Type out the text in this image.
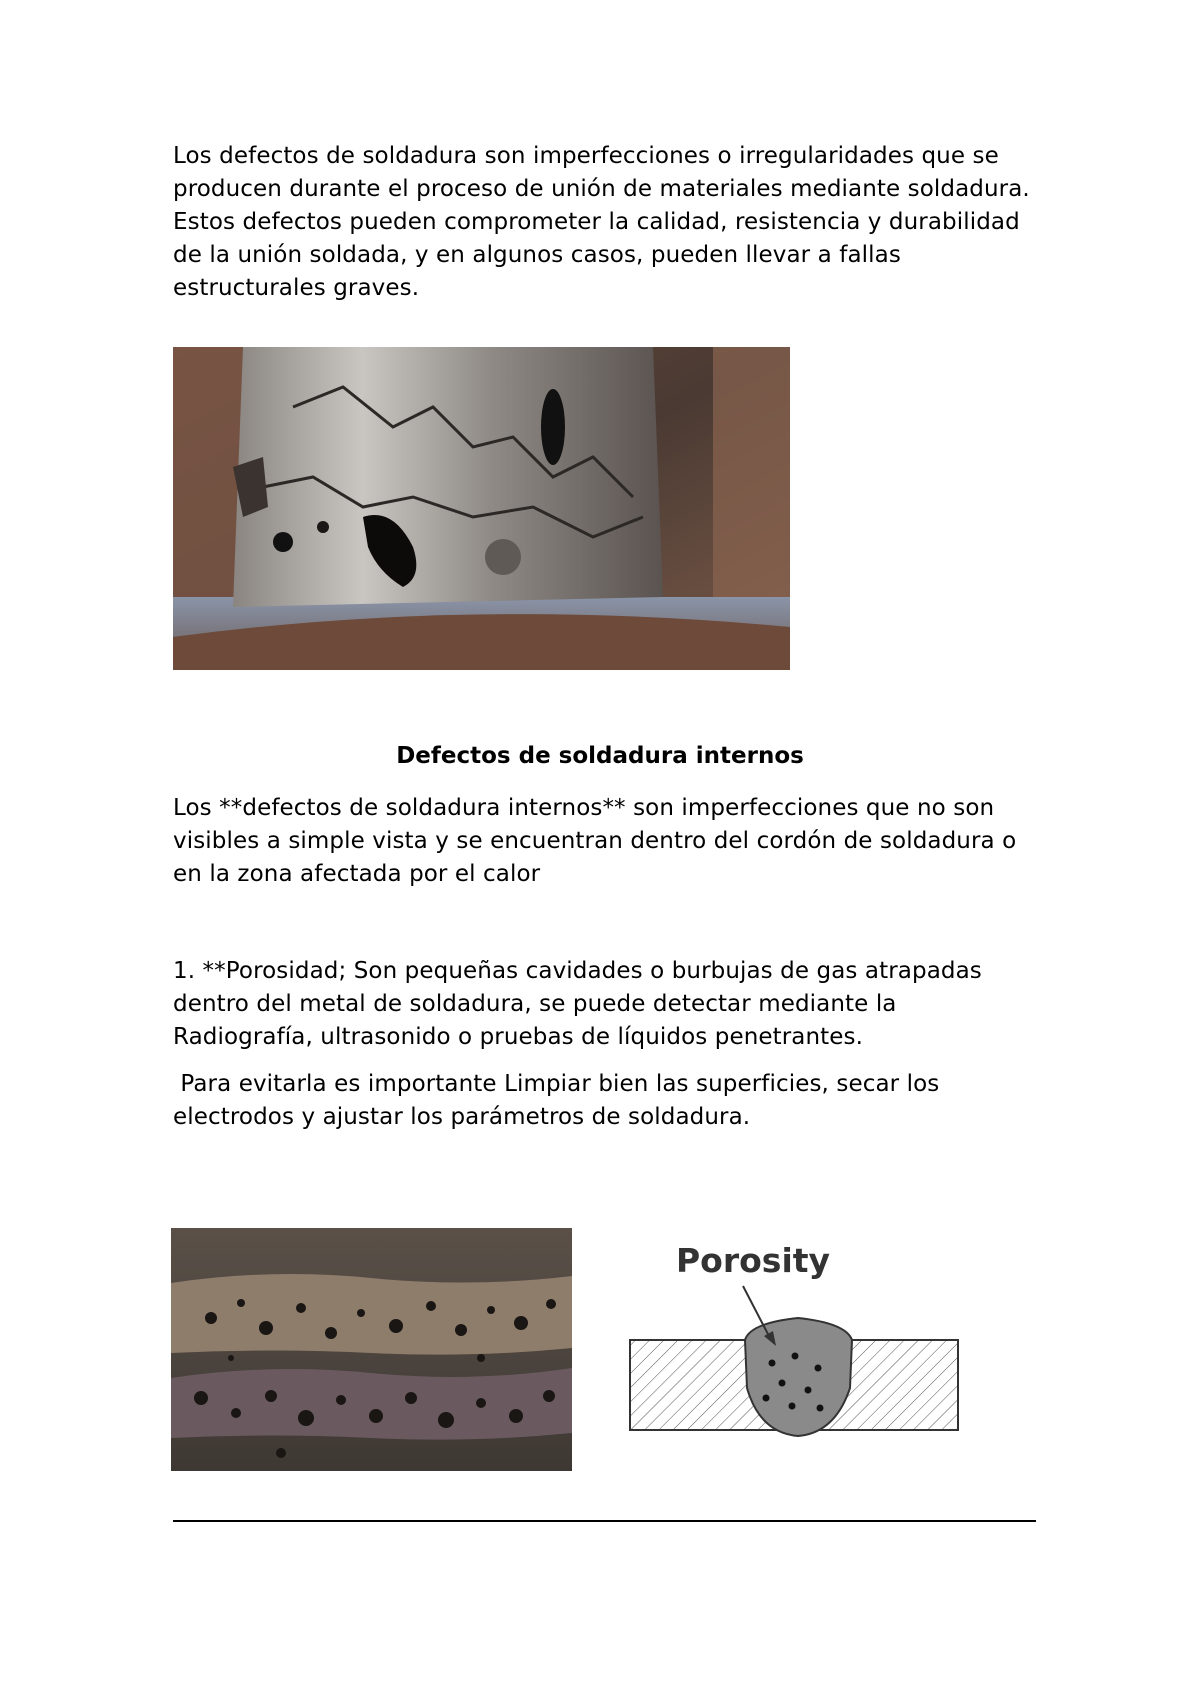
Los defectos de soldadura son imperfecciones o irregularidades que se producen durante el proceso de unión de materiales mediante soldadura. Estos defectos pueden comprometer la calidad, resistencia y durabilidad de la unión soldada, y en algunos casos, pueden llevar a fallas estructurales graves.

Defectos de soldadura internos

Los **defectos de soldadura internos** son imperfecciones que no son visibles a simple vista y se encuentran dentro del cordón de soldadura o en la zona afectada por el calor

1. **Porosidad; Son pequeñas cavidades o burbujas de gas atrapadas dentro del metal de soldadura, se puede detectar mediante la Radiografía, ultrasonido o pruebas de líquidos penetrantes.

Para evitarla es importante Limpiar bien las superficies, secar los electrodos y ajustar los parámetros de soldadura.

Porosity
